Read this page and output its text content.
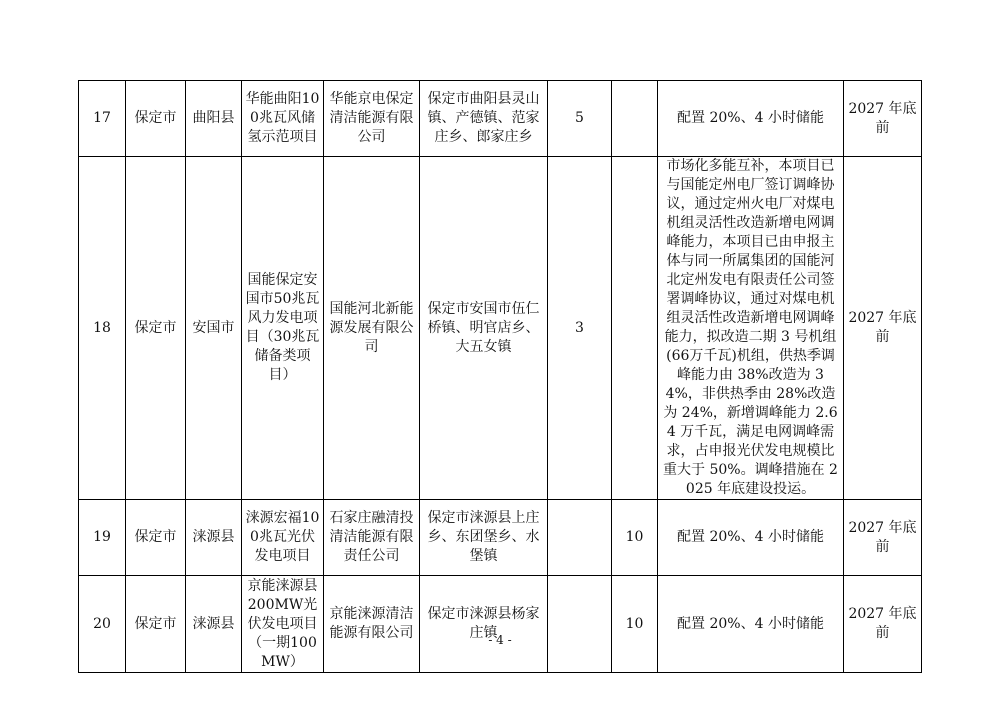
17	保定市	曲阳县	华能曲阳100兆瓦风储氢示范项目	华能京电保定清洁能源有限公司	保定市曲阳县灵山镇、产德镇、范家庄乡、郎家庄乡	5		配置 20%、4 小时储能	2027 年底前
18	保定市	安国市	国能保定安国市50兆瓦风力发电项目（30兆瓦储备类项目）	国能河北新能源发展有限公司	保定市安国市伍仁桥镇、明官店乡、大五女镇	3		市场化多能互补，本项目已与国能定州电厂签订调峰协议，通过定州火电厂对煤电机组灵活性改造新增电网调峰能力，本项目已由申报主体与同一所属集团的国能河北定州发电有限责任公司签署调峰协议，通过对煤电机组灵活性改造新增电网调峰能力，拟改造二期 3 号机组(66万千瓦)机组，供热季调峰能力由 38%改造为 34%，非供热季由 28%改造为 24%，新增调峰能力 2.64 万千瓦，满足电网调峰需求，占申报光伏发电规模比重大于 50%。调峰措施在 2025 年底建设投运。	2027 年底前
19	保定市	涞源县	涞源宏福100兆瓦光伏发电项目	石家庄融清投清洁能源有限责任公司	保定市涞源县上庄乡、东团堡乡、水堡镇		10	配置 20%、4 小时储能	2027 年底前
20	保定市	涞源县	京能涞源县200MW光伏发电项目（一期100MW）	京能涞源清洁能源有限公司	保定市涞源县杨家庄镇		10	配置 20%、4 小时储能	2027 年底前
- 4 -
